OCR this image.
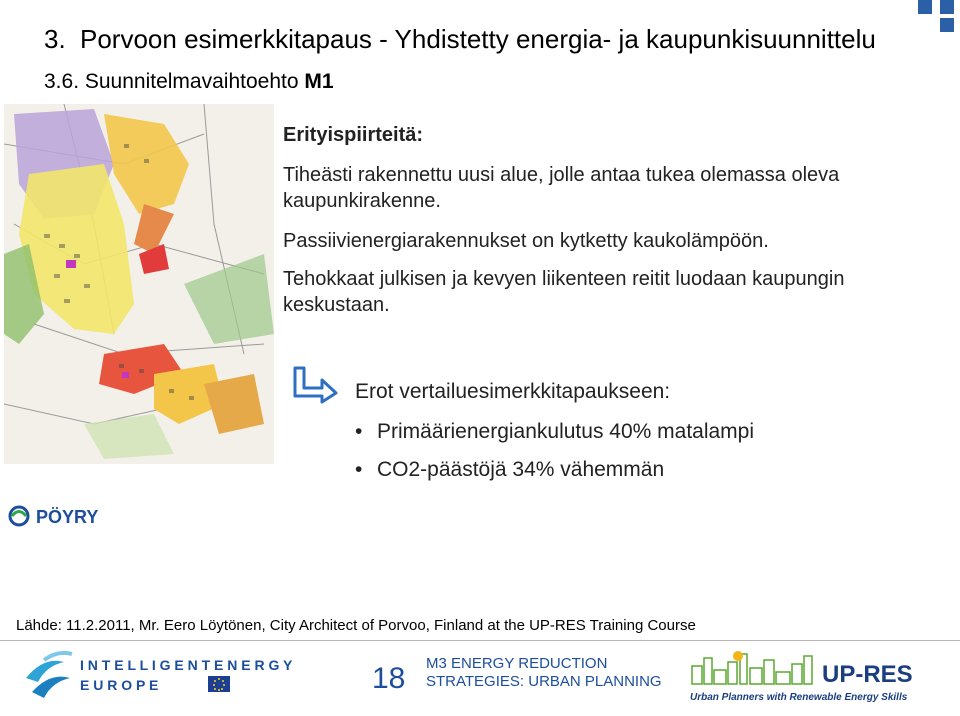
3. Porvoon esimerkkitapaus - Yhdistetty energia- ja kaupunkisuunnittelu
3.6. Suunnitelmavaihtoehto M1
Erityispiirteitä:
Tiheästi rakennettu uusi alue, jolle antaa tukea olemassa oleva kaupunkirakenne.
Passiivienergiarakennukset on kytketty kaukolämpöön.
Tehokkaat julkisen ja kevyen liikenteen reitit luodaan kaupungin keskustaan.
Erot vertailuesimerkkitapaukseen:
• Primäärienergiankulutus 40% matalampi
• CO2-päästöjä 34% vähemmän
PÖYRY
Lähde: 11.2.2011, Mr. Eero Löytönen, City Architect of Porvoo, Finland at the UP-RES Training Course
I N T E L L I G E N T E N E R G Y
E U R O P E	18 M3 ENERGY REDUCTION
STRATEGIES: URBAN PLANNING	UP-RES
Urban Planners with Renewable Energy Skills
